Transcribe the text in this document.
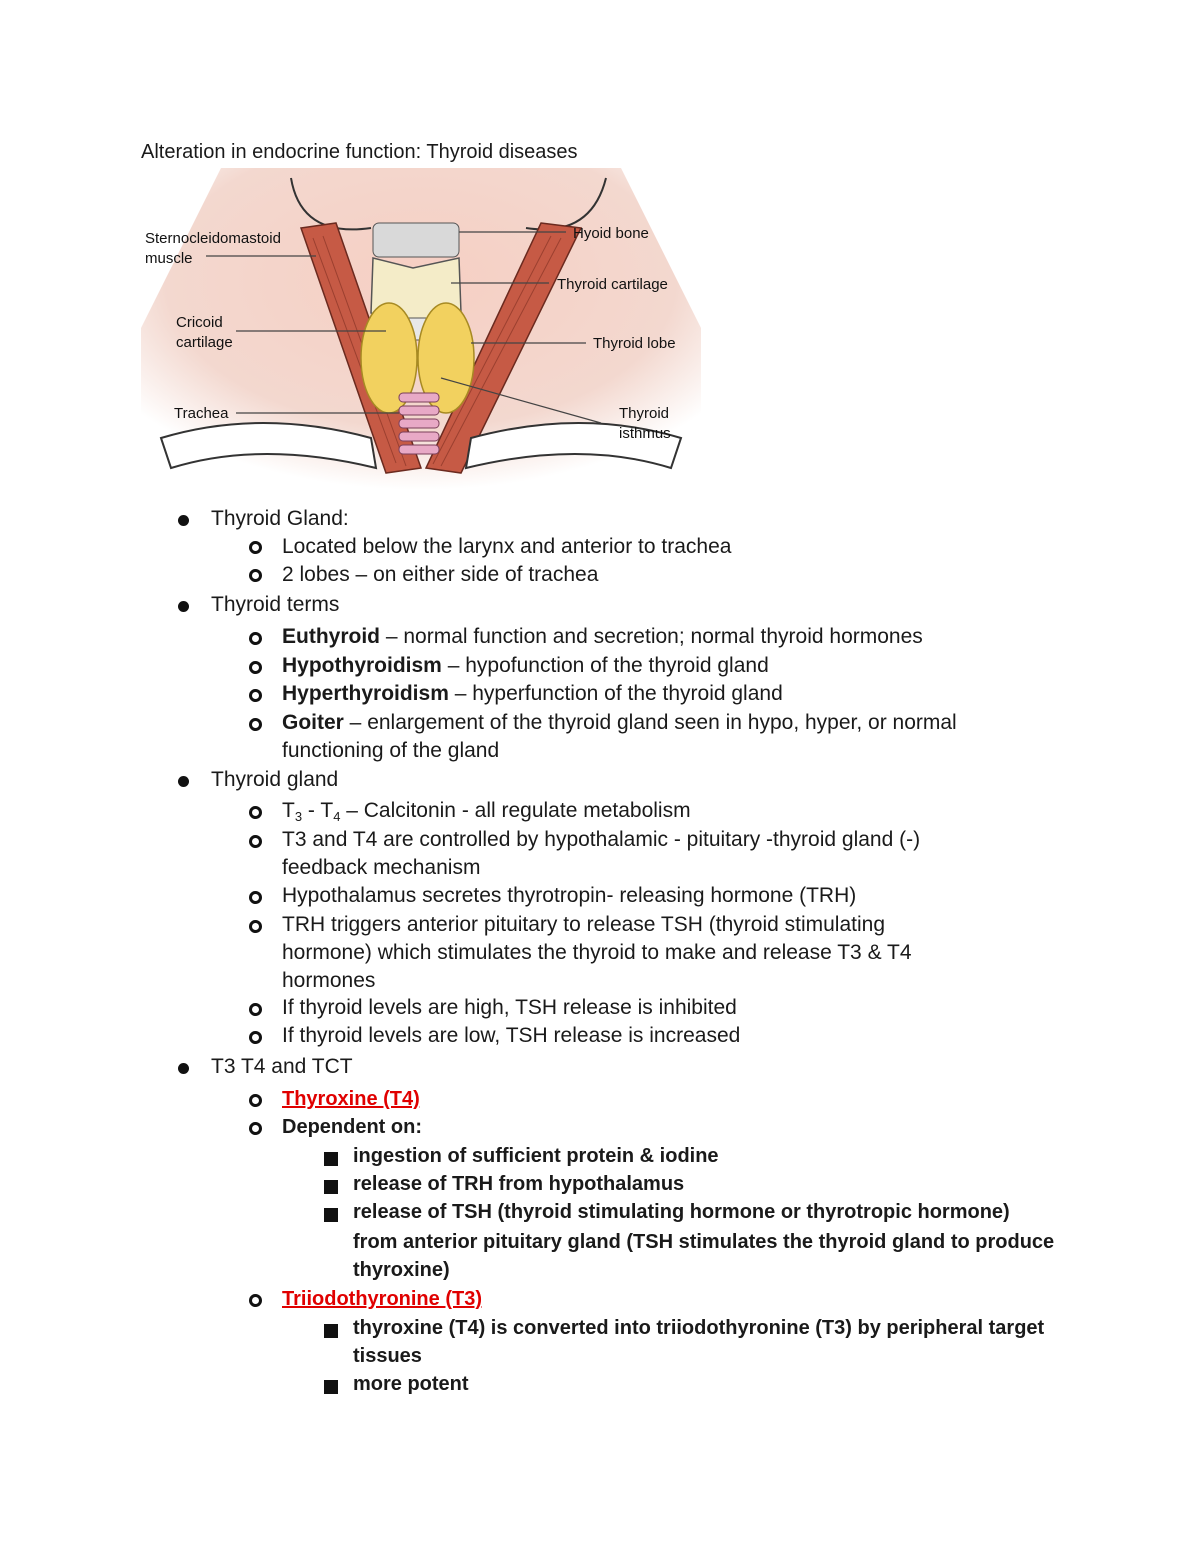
Alteration in endocrine function: Thyroid diseases
Sternocleidomastoid
muscle
Cricoid
cartilage
Trachea
Hyoid bone
Thyroid cartilage
Thyroid lobe
Thyroid
isthmus
Thyroid Gland:
Located below the larynx and anterior to trachea
2 lobes – on either side of trachea
Thyroid terms
Euthyroid – normal function and secretion; normal thyroid hormones
Hypothyroidism – hypofunction of the thyroid gland
Hyperthyroidism – hyperfunction of the thyroid gland
Goiter – enlargement of the thyroid gland seen in hypo, hyper, or normal
functioning of the gland
Thyroid gland
$T_3 - T_4$ – Calcitonin - all regulate metabolism
T3 and T4 are controlled by hypothalamic - pituitary -thyroid gland (-)
feedback mechanism
Hypothalamus secretes thyrotropin- releasing hormone (TRH)
TRH triggers anterior pituitary to release TSH (thyroid stimulating
hormone) which stimulates the thyroid to make and release T3 & T4
hormones
If thyroid levels are high, TSH release is inhibited
If thyroid levels are low, TSH release is increased
T3 T4 and TCT
Thyroxine (T4)
Dependent on:
ingestion of sufficient protein & iodine
release of TRH from hypothalamus
release of TSH (thyroid stimulating hormone or thyrotropic hormone)
from anterior pituitary gland (TSH stimulates the thyroid gland to produce
thyroxine)
Triiodothyronine (T3)
thyroxine (T4) is converted into triiodothyronine (T3) by peripheral target
tissues
more potent
